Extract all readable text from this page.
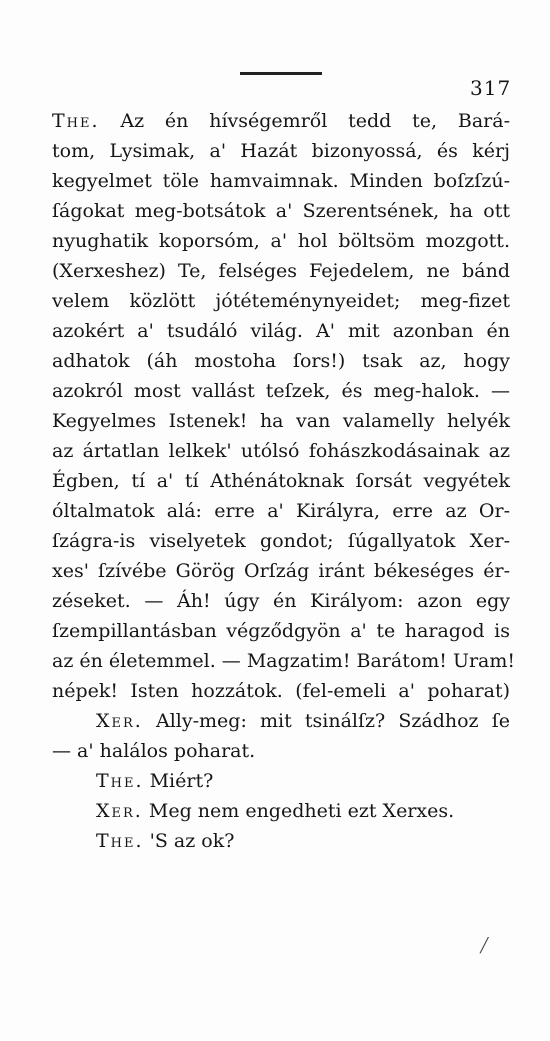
317
The. Az én hívségemről tedd te, Bará-
tom, Lysimak, a' Hazát bizonyossá, és kérj
kegyelmet töle hamvaimnak. Minden boſzſzú-
ſágokat meg-botsátok a' Szerentsének, ha ott
nyughatik koporsóm, a' hol böltsöm mozgott.
(Xerxeshez) Te, felséges Fejedelem, ne bánd
velem közlött jótéteménynyeidet; meg-fizet
azokért a' tsudáló világ. A' mit azonban én
adhatok (áh mostoha ſors!) tsak az, hogy
azokról most vallást teſzek, és meg-halok. —
Kegyelmes Istenek! ha van valamelly helyék
az ártatlan lelkek' utólsó fohászkodásainak az
Égben, tí a' tí Athénátoknak ſorsát vegyétek
óltalmatok alá: erre a' Királyra, erre az Or-
ſzágra-is viselyetek gondot; ſúgallyatok Xer-
xes' ſzívébe Görög Orſzág iránt békeséges ér-
zéseket. — Áh! úgy én Királyom: azon egy
ſzempillantásban végződgyön a' te haragod is
az én életemmel. — Magzatim! Barátom! Uram!
népek! Isten hozzátok. (fel-emeli a' poharat)
Xer. Ally-meg: mit tsinálſz? Szádhoz ſe
— a' halálos poharat.
The. Miért?
Xer. Meg nem engedheti ezt Xerxes.
The. 'S az ok?
╱
